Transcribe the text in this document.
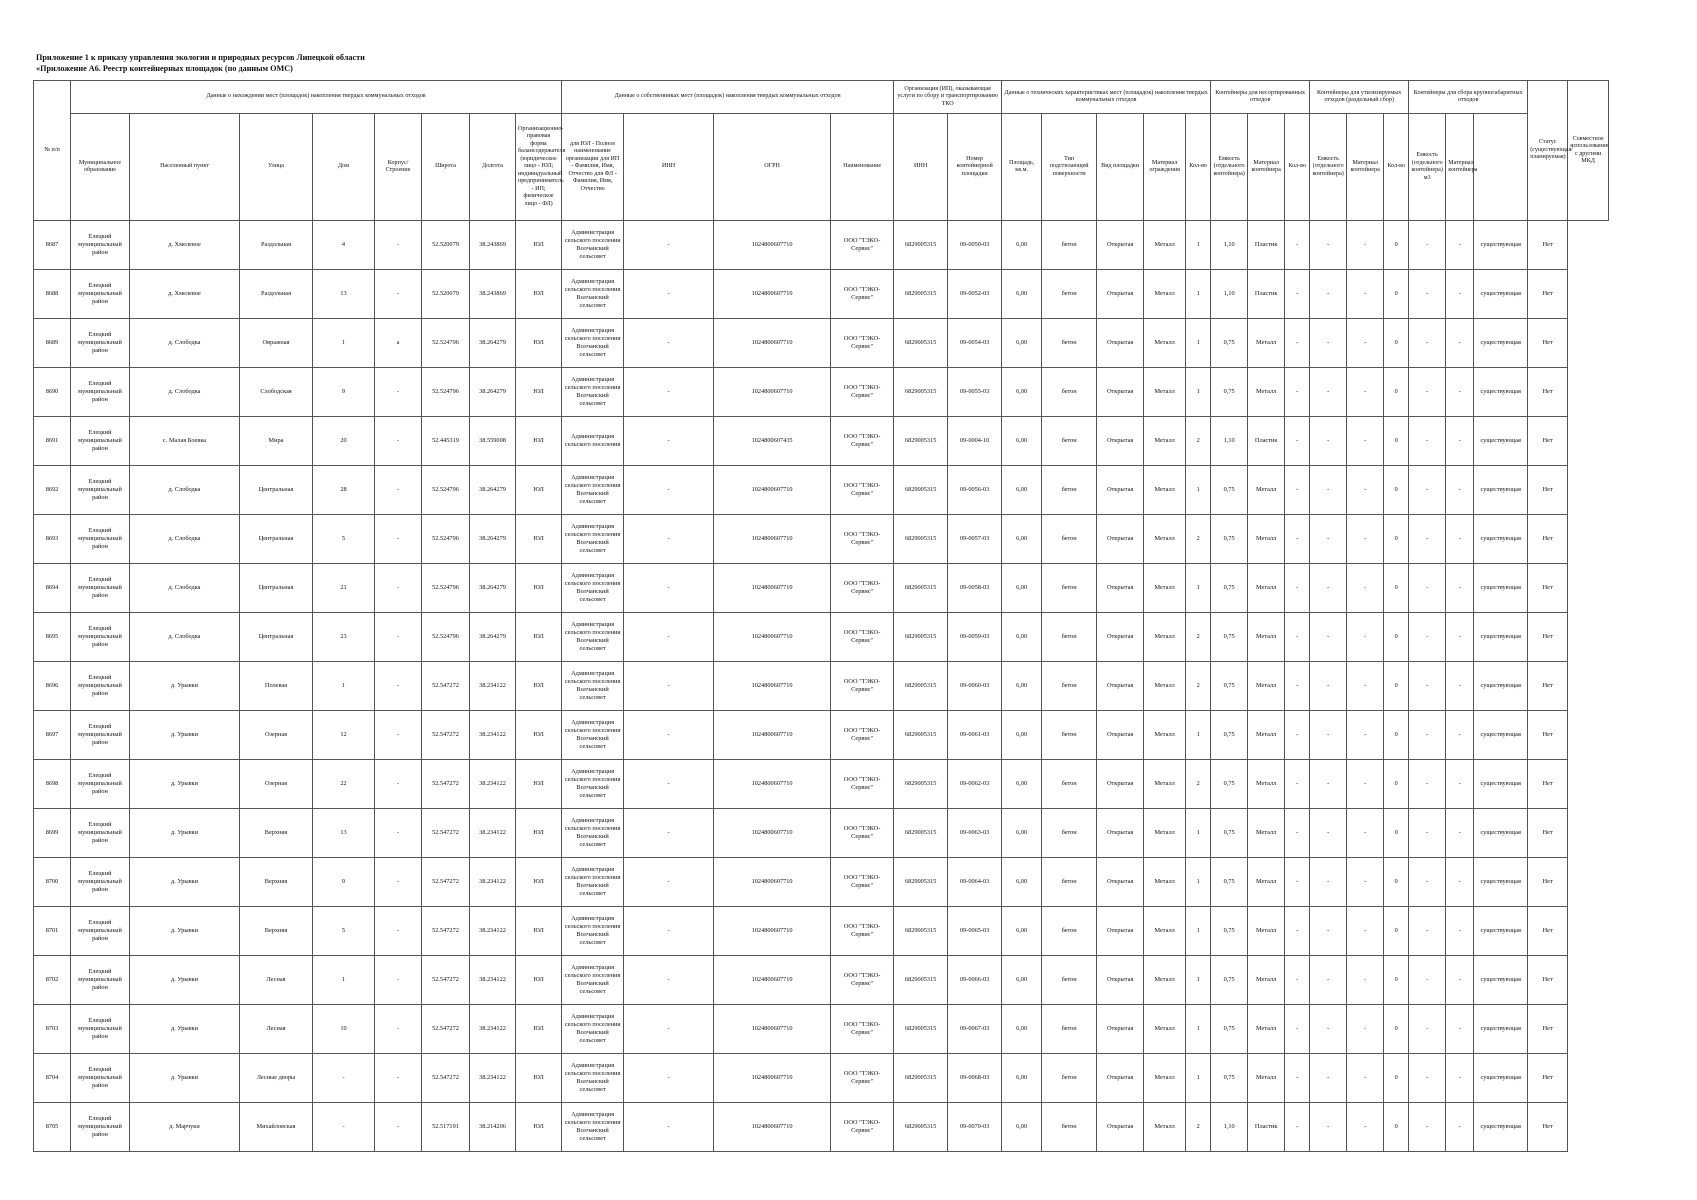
Приложение 1 к приказу управления экологии и природных ресурсов Липецкой области
«Приложение А6. Реестр контейнерных площадок (по данным ОМС)
№ п/п	Данные о нахождении мест (площадок) накопления твердых коммунальных отходов								Данные о собственниках мест (площадок) накопления твердых коммунальных отходов				Организация (ИП), оказывающая услуги по сбору и транспортированию ТКО		Данные о технических характеристиках мест (площадок) накопления твердых коммунальных отходов					Контейнеры для несортированных отходов			Контейнеры для утилизируемых отходов (раздельный сбор)			Контейнеры для сбора крупногабаритных отходов			Статус (существующая/ планируемая)	Совместное использование с другими МКД
	Муниципальное образование	Населенный пункт	Улица	Дом	Корпус/Строение	Широта	Долгота	Организационно-правовая форма балансодержателя (юридическое лицо - ЮЛ; индивидуальный предприниматель - ИП; физическое лицо - ФЛ)	для ЮЛ - Полное наименование организации для ИП - Фамилия, Имя, Отчество для ФЛ - Фамилия, Имя, Отчество	ИНН	ОГРН	Наименование	ИНН	Номер контейнерной площадки	Площадь, кв.м.	Тип подстилающей поверхности	Вид площадки	Материал ограждения	Кол-во	Емкость (отдельного контейнера)	Материал контейнера	Кол-во	Емкость (отдельного контейнера)	Материал контейнера	Кол-во	Емкость (отдельного контейнера) м3	Материал контейнера			
8687	Елецкий муниципальный район	д. Хмелевое	Раздольная	4	-	52.520079	38.243869	ЮЛ	Администрация сельского поселения Волчанский сельсовет	-	1024800607710	ООО "ТЭКО-Сервис"	6829005315	09-0050-03	6,00	бетон	Открытая	Металл	1	1,10	Пластик	-	-	-	0	-	-	существующая	Нет	
8688	Елецкий муниципальный район	д. Хмелевое	Раздольная	13	-	52.520079	38.243869	ЮЛ	Администрация сельского поселения Волчанский сельсовет	-	1024800607710	ООО "ТЭКО-Сервис"	6829005315	09-0052-03	6,00	бетон	Открытая	Металл	1	1,10	Пластик	-	-	-	0	-	-	существующая	Нет	
8689	Елецкий муниципальный район	д. Слободка	Овражная	1	а	52.524796	38.264279	ЮЛ	Администрация сельского поселения Волчанский сельсовет	-	1024800607710	ООО "ТЭКО-Сервис"	6829005315	09-0054-03	6,00	бетон	Открытая	Металл	1	0,75	Металл	-	-	-	0	-	-	существующая	Нет	
8690	Елецкий муниципальный район	д. Слободка	Слободская	9	-	52.524796	38.264279	ЮЛ	Администрация сельского поселения Волчанский сельсовет	-	1024800607710	ООО "ТЭКО-Сервис"	6829005315	09-0055-03	6,00	бетон	Открытая	Металл	1	0,75	Металл	-	-	-	0	-	-	существующая	Нет	
8691	Елецкий муниципальный район	с. Малая Боевка	Мира	20	-	52.445319	38.559008	ЮЛ	Администрация сельского поселения	-	1024800607435	ООО "ТЭКО-Сервис"	6829005315	09-0004-10	6,00	бетон	Открытая	Металл	2	1,10	Пластик	-	-	-	0	-	-	существующая	Нет	
8692	Елецкий муниципальный район	д. Слободка	Центральная	28	-	52.524796	38.264279	ЮЛ	Администрация сельского поселения Волчанский сельсовет	-	1024800607710	ООО "ТЭКО-Сервис"	6829005315	09-0056-03	6,00	бетон	Открытая	Металл	1	0,75	Металл	-	-	-	0	-	-	существующая	Нет	
8693	Елецкий муниципальный район	д. Слободка	Центральная	5	-	52.524796	38.264279	ЮЛ	Администрация сельского поселения Волчанский сельсовет	-	1024800607710	ООО "ТЭКО-Сервис"	6829005315	09-0057-03	6,00	бетон	Открытая	Металл	2	0,75	Металл	-	-	-	0	-	-	существующая	Нет	
8694	Елецкий муниципальный район	д. Слободка	Центральная	21	-	52.524796	38.264279	ЮЛ	Администрация сельского поселения Волчанский сельсовет	-	1024800607710	ООО "ТЭКО-Сервис"	6829005315	09-0058-03	6,00	бетон	Открытая	Металл	1	0,75	Металл	-	-	-	0	-	-	существующая	Нет	
8695	Елецкий муниципальный район	д. Слободка	Центральная	23	-	52.524796	38.264279	ЮЛ	Администрация сельского поселения Волчанский сельсовет	-	1024800607710	ООО "ТЭКО-Сервис"	6829005315	09-0059-03	6,00	бетон	Открытая	Металл	2	0,75	Металл	-	-	-	0	-	-	существующая	Нет	
8696	Елецкий муниципальный район	д. Урывки	Полевая	1	-	52.547272	38.234122	ЮЛ	Администрация сельского поселения Волчанский сельсовет	-	1024800607710	ООО "ТЭКО-Сервис"	6829005315	09-0060-03	6,00	бетон	Открытая	Металл	2	0,75	Металл	-	-	-	0	-	-	существующая	Нет	
8697	Елецкий муниципальный район	д. Урывки	Озерная	12	-	52.547272	38.234122	ЮЛ	Администрация сельского поселения Волчанский сельсовет	-	1024800607710	ООО "ТЭКО-Сервис"	6829005315	09-0061-03	6,00	бетон	Открытая	Металл	1	0,75	Металл	-	-	-	0	-	-	существующая	Нет	
8698	Елецкий муниципальный район	д. Урывки	Озерная	22	-	52.547272	38.234122	ЮЛ	Администрация сельского поселения Волчанский сельсовет	-	1024800607710	ООО "ТЭКО-Сервис"	6829005315	09-0062-03	6,00	бетон	Открытая	Металл	2	0,75	Металл	-	-	-	0	-	-	существующая	Нет	
8699	Елецкий муниципальный район	д. Урывки	Верхняя	13	-	52.547272	38.234122	ЮЛ	Администрация сельского поселения Волчанский сельсовет	-	1024800607710	ООО "ТЭКО-Сервис"	6829005315	09-0063-03	6,00	бетон	Открытая	Металл	1	0,75	Металл	-	-	-	0	-	-	существующая	Нет	
8700	Елецкий муниципальный район	д. Урывки	Верхняя	9	-	52.547272	38.234122	ЮЛ	Администрация сельского поселения Волчанский сельсовет	-	1024800607710	ООО "ТЭКО-Сервис"	6829005315	09-0064-03	6,00	бетон	Открытая	Металл	1	0,75	Металл	-	-	-	0	-	-	существующая	Нет	
8701	Елецкий муниципальный район	д. Урывки	Верхняя	5	-	52.547272	38.234122	ЮЛ	Администрация сельского поселения Волчанский сельсовет	-	1024800607710	ООО "ТЭКО-Сервис"	6829005315	09-0065-03	6,00	бетон	Открытая	Металл	1	0,75	Металл	-	-	-	0	-	-	существующая	Нет	
8702	Елецкий муниципальный район	д. Урывки	Лесная	1	-	52.547272	38.234122	ЮЛ	Администрация сельского поселения Волчанский сельсовет	-	1024800607710	ООО "ТЭКО-Сервис"	6829005315	09-0066-03	6,00	бетон	Открытая	Металл	1	0,75	Металл	-	-	-	0	-	-	существующая	Нет	
8703	Елецкий муниципальный район	д. Урывки	Лесная	10	-	52.547272	38.234122	ЮЛ	Администрация сельского поселения Волчанский сельсовет	-	1024800607710	ООО "ТЭКО-Сервис"	6829005315	09-0067-03	6,00	бетон	Открытая	Металл	1	0,75	Металл	-	-	-	0	-	-	существующая	Нет	
8704	Елецкий муниципальный район	д. Урывки	Лесные дворы	-	-	52.547272	38.234122	ЮЛ	Администрация сельского поселения Волчанский сельсовет	-	1024800607710	ООО "ТЭКО-Сервис"	6829005315	09-0068-03	6,00	бетон	Открытая	Металл	1	0,75	Металл	-	-	-	0	-	-	существующая	Нет	
8705	Елецкий муниципальный район	д. Марчуки	Михайловская	-	-	52.517191	38.214206	ЮЛ	Администрация сельского поселения Волчанский сельсовет	-	1024800607710	ООО "ТЭКО-Сервис"	6829005315	09-0070-03	6,00	бетон	Открытая	Металл	2	1,10	Пластик	-	-	-	0	-	-	существующая	Нет	
